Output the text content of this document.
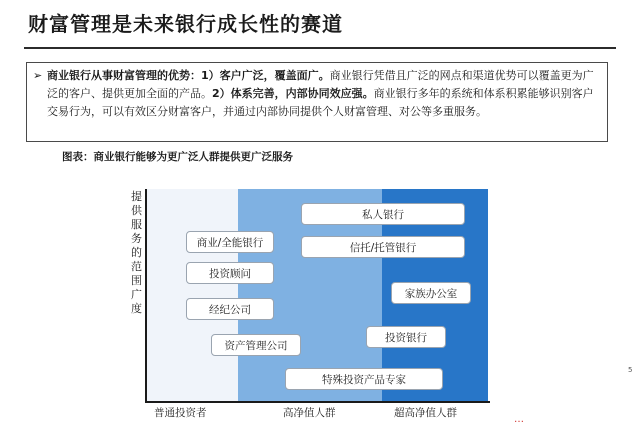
财富管理是未来银行成长性的赛道
➢ 商业银行从事财富管理的优势：1）客户广泛，覆盖面广。商业银行凭借且广泛的网点和渠道优势可以覆盖更为广泛的客户、提供更加全面的产品。2）体系完善，内部协同效应强。商业银行多年的系统和体系积累能够识别客户交易行为，可以有效区分财富客户，并通过内部协同提供个人财富管理、对公等多重服务。

图表：商业银行能够为更广泛人群提供更广泛服务
提供服务的范围广度
普通投资者	高净值人群	超高净值人群
私人银行
商业/全能银行	信托/托管银行
投资顾问
家族办公室
经纪公司
投资银行
资产管理公司
特殊投资产品专家
5
…
